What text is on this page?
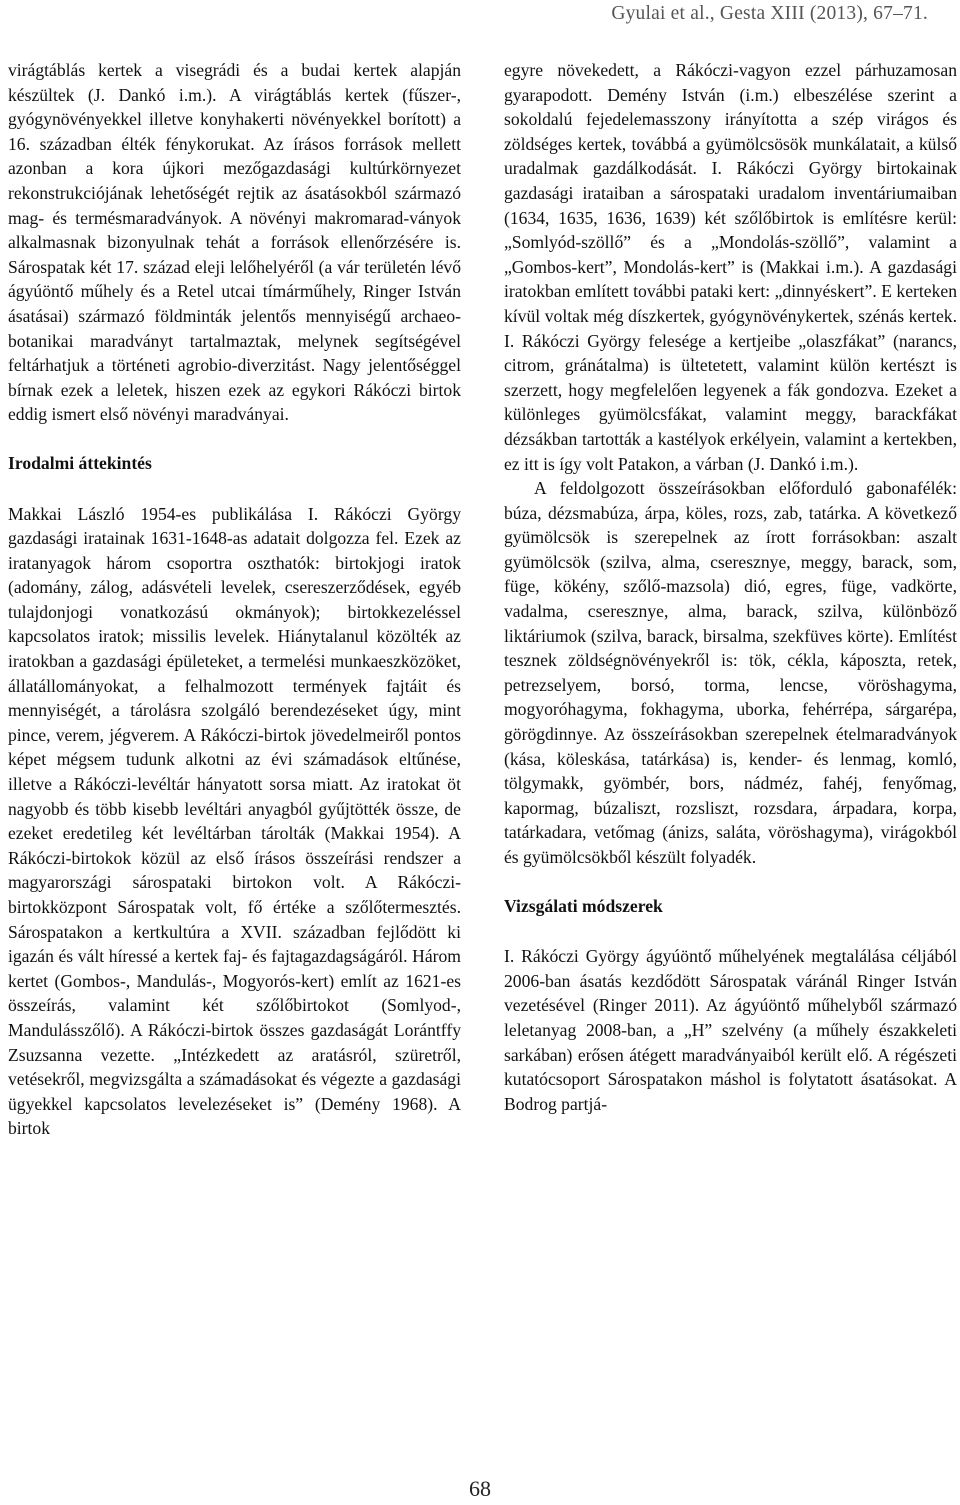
Gyulai et al., Gesta XIII (2013), 67–71.

virágtáblás kertek a visegrádi és a budai kertek alapján készültek (J. Dankó i.m.). A virágtáblás kertek (fűszer-, gyógynövényekkel illetve konyhakerti növényekkel borított) a 16. században élték fénykorukat. Az írásos források mellett azonban a kora újkori mezőgazdasági kultúrkörnyezet rekonstrukciójának lehetőségét rejtik az ásatásokból származó mag- és termésmaradványok. A növényi makromarad-ványok alkalmasnak bizonyulnak tehát a források ellenőrzésére is. Sárospatak két 17. század eleji lelőhelyéről (a vár területén lévő ágyúöntő műhely és a Retel utcai tímárműhely, Ringer István ásatásai) származó földminták jelentős mennyiségű archaeo-botanikai maradványt tartalmaztak, melynek segítségével feltárhatjuk a történeti agrobio-diverzitást. Nagy jelentőséggel bírnak ezek a leletek, hiszen ezek az egykori Rákóczi birtok eddig ismert első növényi maradványai.

Irodalmi áttekintés

Makkai László 1954-es publikálása I. Rákóczi György gazdasági iratainak 1631-1648-as adatait dolgozza fel. Ezek az iratanyagok három csoportra oszthatók: birtokjogi iratok (adomány, zálog, adásvételi levelek, csereszerződések, egyéb tulajdonjogi vonatkozású okmányok); birtokkezeléssel kapcsolatos iratok; missilis levelek. Hiánytalanul közölték az iratokban a gazdasági épületeket, a termelési munkaeszközöket, állatállományokat, a felhalmozott termények fajtáit és mennyiségét, a tárolásra szolgáló berendezéseket úgy, mint pince, verem, jégverem. A Rákóczi-birtok jövedelmeiről pontos képet mégsem tudunk alkotni az évi számadások eltűnése, illetve a Rákóczi-levéltár hányatott sorsa miatt. Az iratokat öt nagyobb és több kisebb levéltári anyagból gyűjtötték össze, de ezeket eredetileg két levéltárban tárolták (Makkai 1954). A Rákóczi-birtokok közül az első írásos összeírási rendszer a magyarországi sárospataki birtokon volt. A Rákóczi-birtokközpont Sárospatak volt, fő értéke a szőlőtermesztés. Sárospatakon a kertkultúra a XVII. században fejlődött ki igazán és vált híressé a kertek faj- és fajtagazdagságáról. Három kertet (Gombos-, Mandulás-, Mogyorós-kert) említ az 1621-es összeírás, valamint két szőlőbirtokot (Somlyod-, Mandulásszőlő). A Rákóczi-birtok összes gazdaságát Lorántffy Zsuzsanna vezette. „Intézkedett az aratásról, szüretről, vetésekről, megvizsgálta a számadásokat és végezte a gazdasági ügyekkel kapcsolatos levelezéseket is” (Demény 1968). A birtok

egyre növekedett, a Rákóczi-vagyon ezzel párhuzamosan gyarapodott. Demény István (i.m.) elbeszélése szerint a sokoldalú fejedelemasszony irányította a szép virágos és zöldséges kertek, továbbá a gyümölcsösök munkálatait, a külső uradalmak gazdálkodását. I. Rákóczi György birtokainak gazdasági irataiban a sárospataki uradalom inventáriumaiban (1634, 1635, 1636, 1639) két szőlőbirtok is említésre kerül: „Somlyód-szöllő” és a „Mondolás-szöllő”, valamint a „Gombos-kert”, Mondolás-kert” is (Makkai i.m.). A gazdasági iratokban említett további pataki kert: „dinnyéskert”. E kerteken kívül voltak még díszkertek, gyógynövénykertek, szénás kertek. I. Rákóczi György felesége a kertjeibe „olaszfákat” (narancs, citrom, gránátalma) is ültetetett, valamint külön kertészt is szerzett, hogy megfelelően legyenek a fák gondozva. Ezeket a különleges gyümölcsfákat, valamint meggy, barackfákat dézsákban tartották a kastélyok erkélyein, valamint a kertekben, ez itt is így volt Patakon, a várban (J. Dankó i.m.).

A feldolgozott összeírásokban előforduló gabonafélék: búza, dézsmabúza, árpa, köles, rozs, zab, tatárka. A következő gyümölcsök is szerepelnek az írott forrásokban: aszalt gyümölcsök (szilva, alma, cseresznye, meggy, barack, som, füge, kökény, szőlő-mazsola) dió, egres, füge, vadkörte, vadalma, cseresznye, alma, barack, szilva, különböző liktáriumok (szilva, barack, birsalma, szekfüves körte). Említést tesznek zöldségnövényekről is: tök, cékla, káposzta, retek, petrezselyem, borsó, torma, lencse, vöröshagyma, mogyoróhagyma, fokhagyma, uborka, fehérrépa, sárgarépa, görögdinnye. Az összeírásokban szerepelnek ételmaradványok (kása, köleskása, tatárkása) is, kender- és lenmag, komló, tölgymakk, gyömbér, bors, nádméz, fahéj, fenyőmag, kapormag, búzaliszt, rozsliszt, rozsdara, árpadara, korpa, tatárkadara, vetőmag (ánizs, saláta, vöröshagyma), virágokból és gyümölcsökből készült folyadék.

Vizsgálati módszerek

I. Rákóczi György ágyúöntő műhelyének megtalálása céljából 2006-ban ásatás kezdődött Sárospatak váránál Ringer István vezetésével (Ringer 2011). Az ágyúöntő műhelyből származó leletanyag 2008-ban, a „H” szelvény (a műhely északkeleti sarkában) erősen átégett maradványaiból került elő. A régészeti kutatócsoport Sárospatakon máshol is folytatott ásatásokat. A Bodrog partjá-

68
